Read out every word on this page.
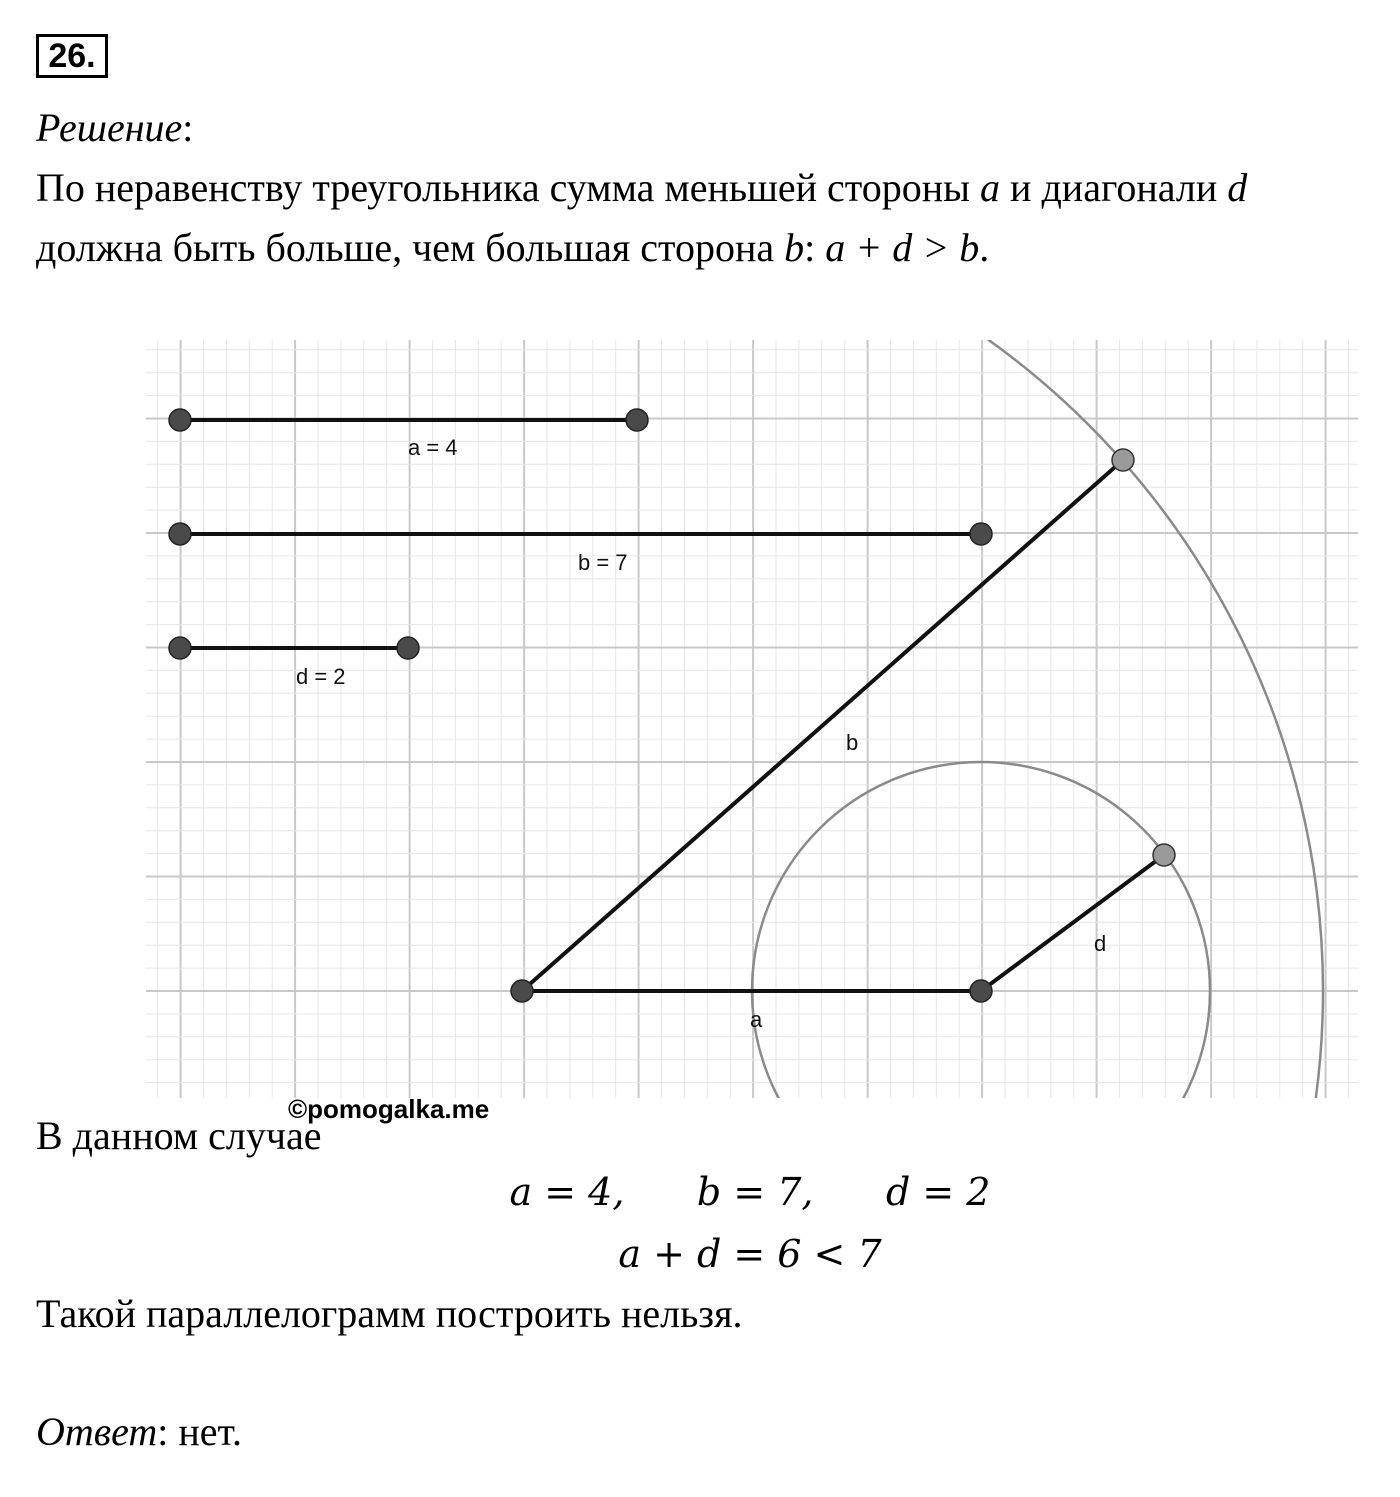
26.
Решение:
По неравенству треугольника сумма меньшей стороны a и диагонали d
должна быть больше, чем большая сторона b: a + d > b.
a = 4
b = 7
d = 2
b
a
d
В данном случае
©pomogalka.me
a = 4,      b = 7,      d = 2
a + d = 6 < 7
Такой параллелограмм построить нельзя.
Ответ: нет.
